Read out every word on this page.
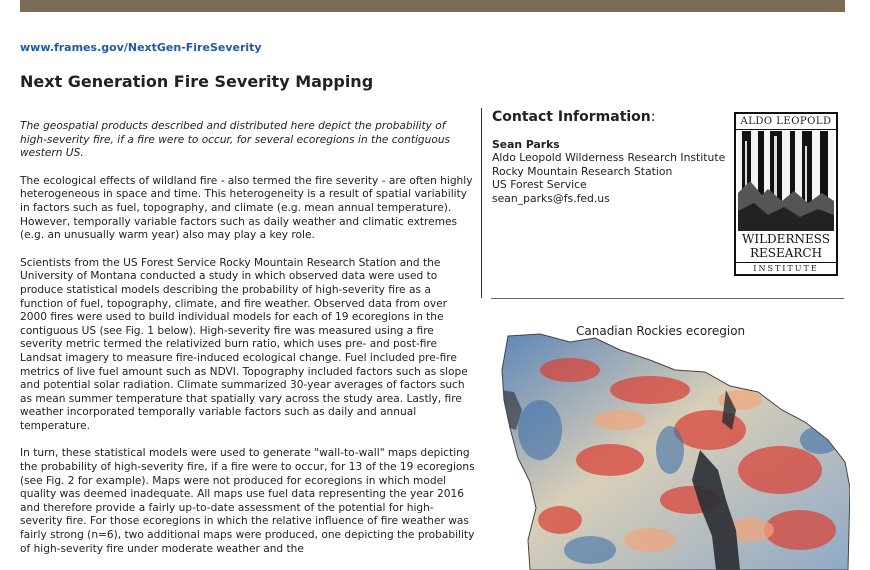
www.frames.gov/NextGen-FireSeverity
Next Generation Fire Severity Mapping

The geospatial products described and distributed here depict the probability of high-severity fire, if a fire were to occur, for several ecoregions in the contiguous western US.

The ecological effects of wildland fire - also termed the fire severity - are often highly heterogeneous in space and time. This heterogeneity is a result of spatial variability in factors such as fuel, topography, and climate (e.g. mean annual temperature). However, temporally variable factors such as daily weather and climatic extremes (e.g. an unusually warm year) also may play a key role.

Scientists from the US Forest Service Rocky Mountain Research Station and the University of Montana conducted a study in which observed data were used to produce statistical models describing the probability of high-severity fire as a function of fuel, topography, climate, and fire weather. Observed data from over 2000 fires were used to build individual models for each of 19 ecoregions in the contiguous US (see Fig. 1 below). High-severity fire was measured using a fire severity metric termed the relativized burn ratio, which uses pre- and post-fire Landsat imagery to measure fire-induced ecological change. Fuel included pre-fire metrics of live fuel amount such as NDVI. Topography included factors such as slope and potential solar radiation. Climate summarized 30-year averages of factors such as mean summer temperature that spatially vary across the study area. Lastly, fire weather incorporated temporally variable factors such as daily and annual temperature.

In turn, these statistical models were used to generate "wall-to-wall" maps depicting the probability of high-severity fire, if a fire were to occur, for 13 of the 19 ecoregions (see Fig. 2 for example). Maps were not produced for ecoregions in which model quality was deemed inadequate. All maps use fuel data representing the year 2016 and therefore provide a fairly up-to-date assessment of the potential for high-severity fire. For those ecoregions in which the relative influence of fire weather was fairly strong (n=6), two additional maps were produced, one depicting the probability of high-severity fire under moderate weather and the

Contact Information:
Sean Parks
Aldo Leopold Wilderness Research Institute
Rocky Mountain Research Station
US Forest Service
sean_parks@fs.fed.us
ALDO LEOPOLD
WILDERNESS
RESEARCH
INSTITUTE
Canadian Rockies ecoregion
